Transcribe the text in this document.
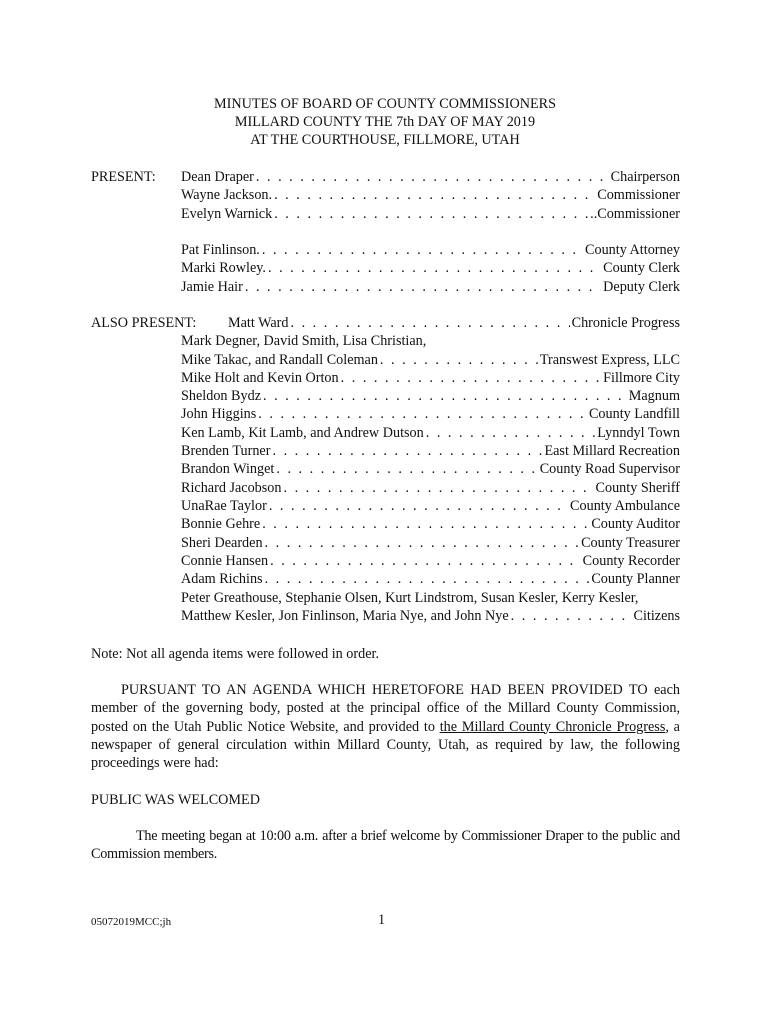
MINUTES OF BOARD OF COUNTY COMMISSIONERS
MILLARD COUNTY THE 7th DAY OF MAY 2019
AT THE COURTHOUSE, FILLMORE, UTAH
PRESENT: Dean Draper . . .	Chairperson
Wayne Jackson. . . .	Commissioner
Evelyn Warnick . . .	..Commissioner
Pat Finlinson. . . .	County Attorney
Marki Rowley. . . .	County Clerk
Jamie Hair . . .	Deputy Clerk
ALSO PRESENT: Matt Ward . . .	Chronicle Progress
Mark Degner, David Smith, Lisa Christian,
Mike Takac, and Randall Coleman . . .	Transwest Express, LLC
Mike Holt and Kevin Orton . . .	Fillmore City
Sheldon Bydz . . .	Magnum
John Higgins . . .	County Landfill
Ken Lamb, Kit Lamb, and Andrew Dutson . . .	Lynndyl Town
Brenden Turner . . .	East Millard Recreation
Brandon Winget . . .	County Road Supervisor
Richard Jacobson . . .	County Sheriff
UnaRae Taylor . . .	County Ambulance
Bonnie Gehre . . .	County Auditor
Sheri Dearden . . .	County Treasurer
Connie Hansen . . .	County Recorder
Adam Richins . . .	County Planner
Peter Greathouse, Stephanie Olsen, Kurt Lindstrom, Susan Kesler, Kerry Kesler,
Matthew Kesler, Jon Finlinson, Maria Nye, and John Nye . . .	Citizens
Note: Not all agenda items were followed in order.
PURSUANT TO AN AGENDA WHICH HERETOFORE HAD BEEN PROVIDED TO each member of the governing body, posted at the principal office of the Millard County Commission, posted on the Utah Public Notice Website, and provided to the Millard County Chronicle Progress, a newspaper of general circulation within Millard County, Utah, as required by law, the following proceedings were had:
PUBLIC WAS WELCOMED
The meeting began at 10:00 a.m. after a brief welcome by Commissioner Draper to the public and Commission members.
05072019MCC;jh	1
